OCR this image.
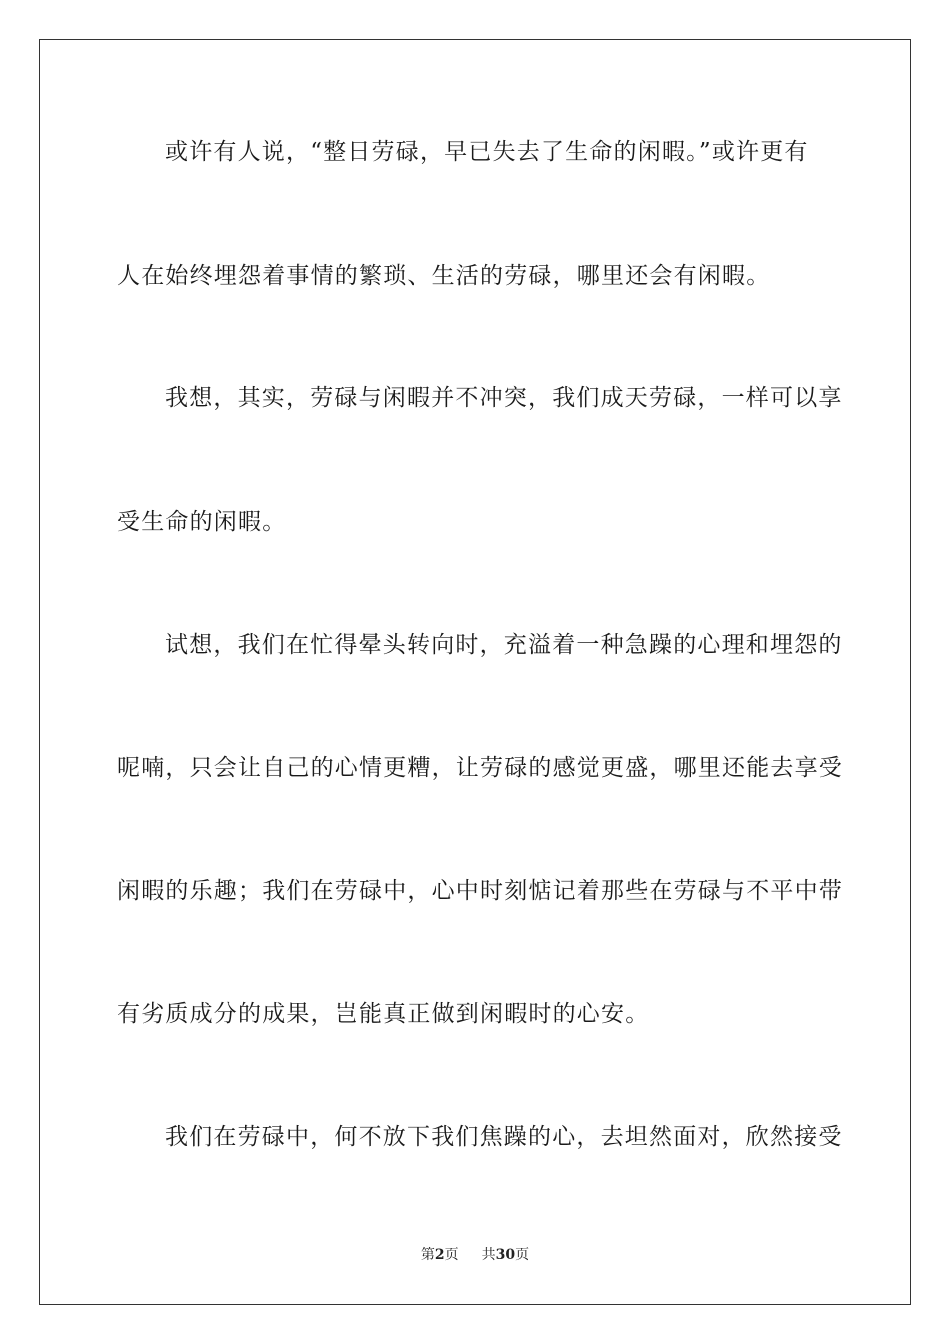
或许有人说，“整日劳碌，早已失去了生命的闲暇。”或许更有
人在始终埋怨着事情的繁琐、生活的劳碌，哪里还会有闲暇。
我想，其实，劳碌与闲暇并不冲突，我们成天劳碌，一样可以享
受生命的闲暇。
试想，我们在忙得晕头转向时，充溢着一种急躁的心理和埋怨的
呢喃，只会让自己的心情更糟，让劳碌的感觉更盛，哪里还能去享受
闲暇的乐趣；我们在劳碌中，心中时刻惦记着那些在劳碌与不平中带
有劣质成分的成果，岂能真正做到闲暇时的心安。
我们在劳碌中，何不放下我们焦躁的心，去坦然面对，欣然接受
第2页 共30页
